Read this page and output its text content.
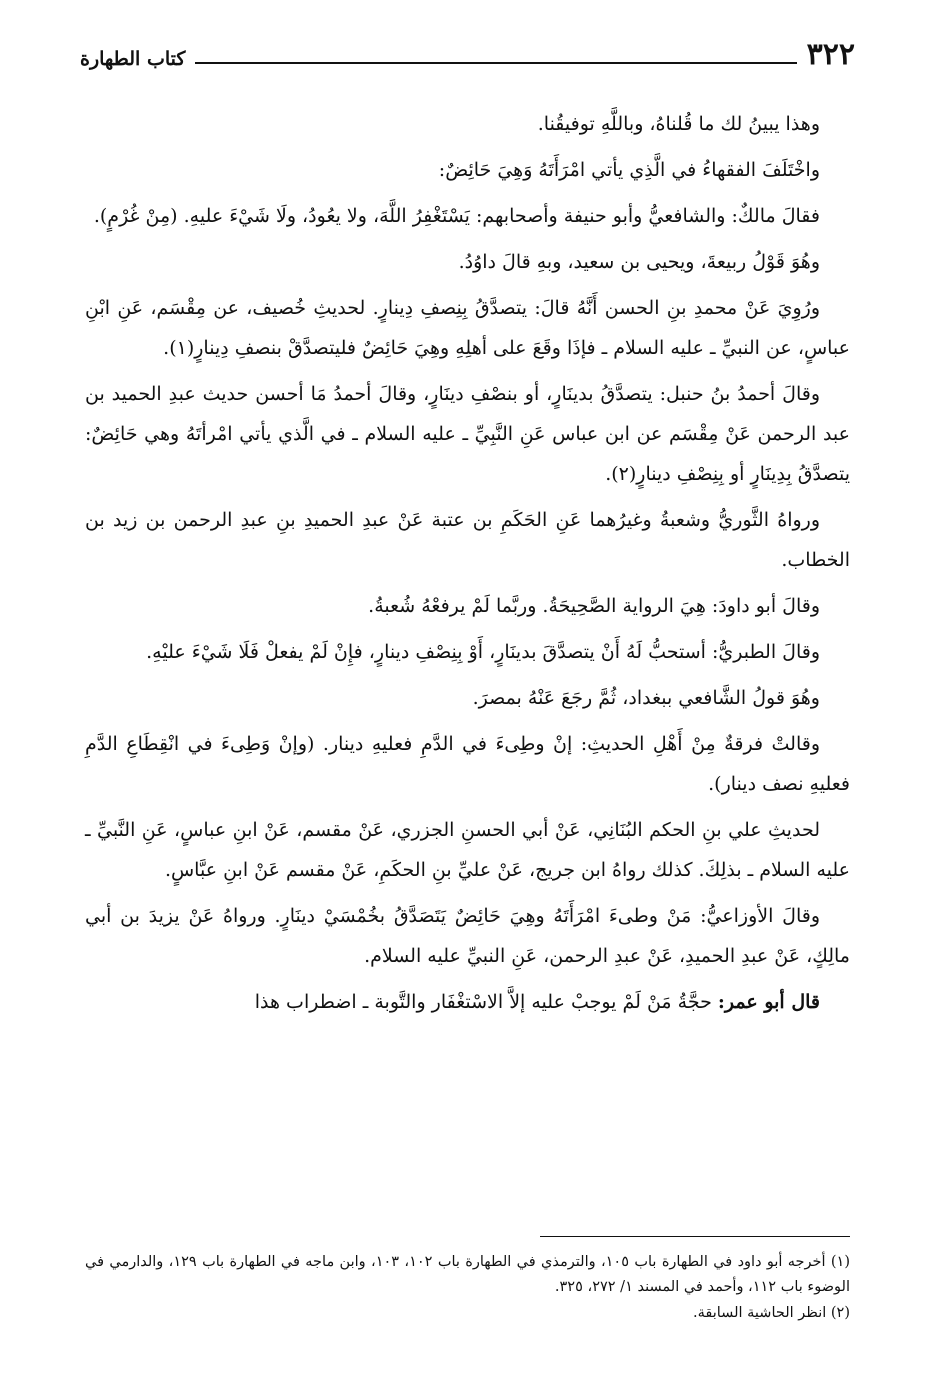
٣٢٢
كتاب الطهارة

وهذا يبينُ لك ما قُلناهُ، وباللَّهِ توفيقُنا.

واخْتَلَفَ الفقهاءُ في الَّذِي يأتي امْرَأَتَهُ وَهِيَ حَائِضٌ:

فقالَ مالكٌ: والشافعيُّ وأبو حنيفة وأصحابهم: يَسْتَغْفِرُ اللَّهَ، ولا يعُودُ، ولَا شَيْءَ عليهِ. (مِنْ غُرْمٍ).

وهُوَ قَوْلُ ربيعةَ، ويحيى بن سعيد، وبهِ قالَ داوُدُ.

ورُوِيَ عَنْ محمدِ بنِ الحسن أَنَّهُ قالَ: يتصدَّقُ بِنِصفِ دِينارٍ. لحديثِ خُصيف، عن مِقْسَم، عَنِ ابْنِ عباسٍ، عن النبيِّ ـ عليه السلام ـ فإذَا وقَعَ على أهلِهِ وهِيَ حَائِضٌ فليتصدَّقْ بنصفِ دِينارٍ(١).

وقالَ أحمدُ بنُ حنبل: يتصدَّقُ بدينَارٍ، أو بنصْفِ دينَارٍ، وقالَ أحمدُ مَا أحسن حديث عبدِ الحميد بن عبد الرحمن عَنْ مِقْسَم عن ابن عباس عَنِ النَّبِيِّ ـ عليه السلام ـ في الَّذي يأتي امْرأتَهُ وهي حَائِضٌ: يتصدَّقُ بِدِينَارٍ أو بِنِصْفِ دينارٍ(٢).

ورواهُ الثَّوريُّ وشعبةُ وغيرُهما عَنِ الحَكَمِ بن عتبة عَنْ عبدِ الحميدِ بنِ عبدِ الرحمن بن زيد بن الخطاب.

وقالَ أبو داودَ: هِيَ الرواية الصَّحِيحَةُ. وربَّما لَمْ يرفعْهُ شُعبةُ.

وقالَ الطبريُّ: أستحبُّ لَهُ أَنْ يتصدَّقَ بدينَارٍ، أَوْ بِنِصْفِ دينارٍ، فإِنْ لَمْ يفعلْ فَلَا شَيْءَ عليْهِ.

وهُوَ قولُ الشَّافعي ببغداد، ثُمَّ رجَعَ عَنْهُ بمصرَ.

وقالتْ فرقةٌ مِنْ أَهْلِ الحديثِ: إنْ وطِىءَ في الدَّمِ فعليهِ دينار. (وإنْ وَطِىءَ في انْقِطَاعِ الدَّمِ فعليهِ نصف دينار).

لحديثِ علي بنِ الحكم البُنَانِي، عَنْ أبي الحسنِ الجزري، عَنْ مقسم، عَنْ ابنِ عباسٍ، عَنِ النَّبيِّ ـ عليه السلام ـ بذلِكَ. كذلك رواهُ ابن جريج، عَنْ عليِّ بنِ الحكَمِ، عَنْ مقسم عَنْ ابنِ عبَّاسٍ.

وقالَ الأوزاعيُّ: مَنْ وطىءَ امْرَأَتَهُ وهِيَ حَائِضٌ يَتَصَدَّقُ بخُمْسَيْ دينَارٍ. ورواهُ عَنْ يزيدَ بن أبي مالِكٍ، عَنْ عبدِ الحميدِ، عَنْ عبدِ الرحمن، عَنِ النبيِّ عليه السلام.

قال أبو عمر: حجَّةُ مَنْ لَمْ يوجبْ عليه إلاَّ الاسْتغْفَار والتَّوبة ـ اضطراب هذا

(١) أخرجه أبو داود في الطهارة باب ١٠٥، والترمذي في الطهارة باب ١٠٢، ١٠٣، وابن ماجه في الطهارة باب ١٢٩، والدارمي في الوضوء باب ١١٢، وأحمد في المسند ١/ ٢٧٢، ٣٢٥.

(٢) انظر الحاشية السابقة.
